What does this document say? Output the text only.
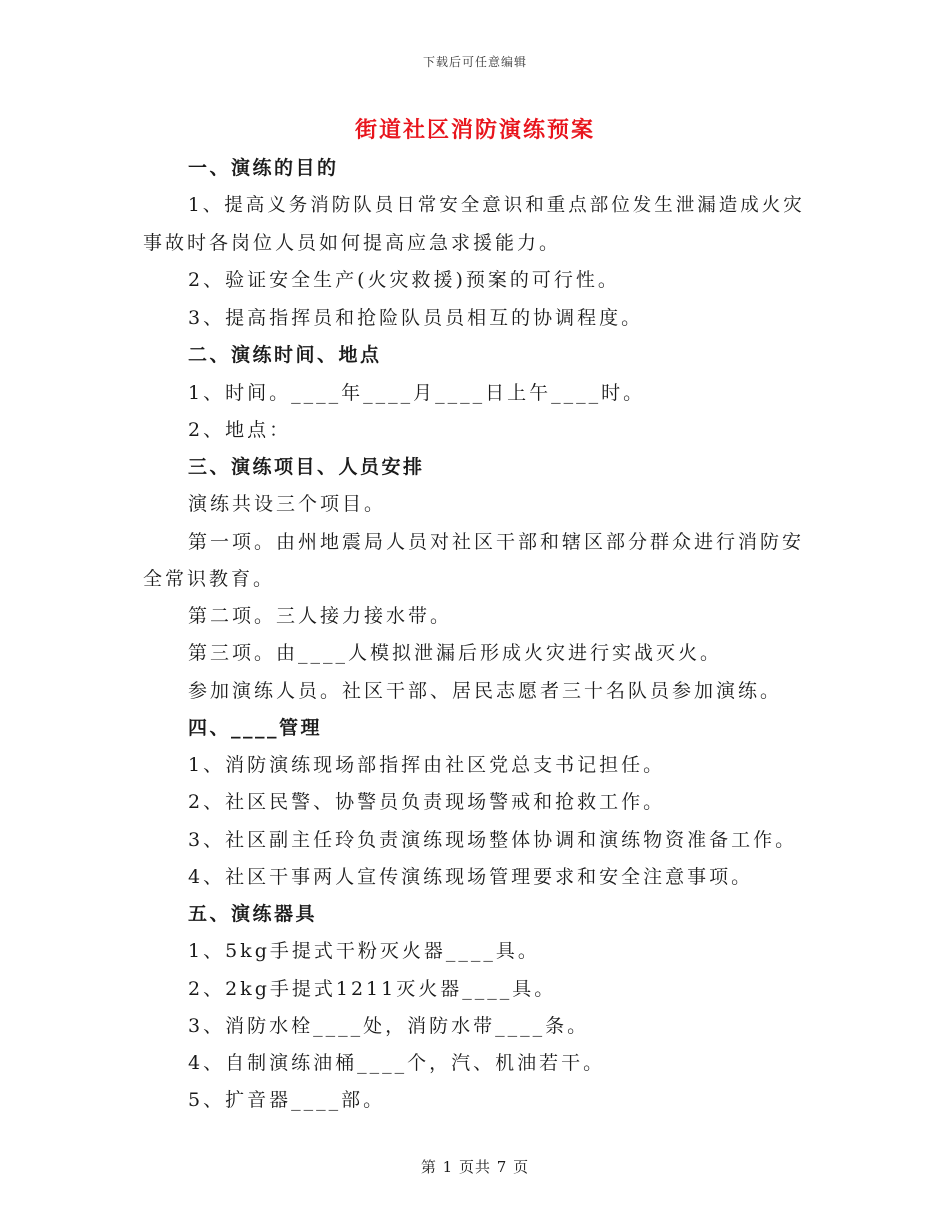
下载后可任意编辑
街道社区消防演练预案
一、演练的目的
1、提高义务消防队员日常安全意识和重点部位发生泄漏造成火灾
事故时各岗位人员如何提高应急求援能力。
2、验证安全生产(火灾救援)预案的可行性。
3、提高指挥员和抢险队员员相互的协调程度。
二、演练时间、地点
1、时间。____年____月____日上午____时。
2、地点：
三、演练项目、人员安排
演练共设三个项目。
第一项。由州地震局人员对社区干部和辖区部分群众进行消防安
全常识教育。
第二项。三人接力接水带。
第三项。由____人模拟泄漏后形成火灾进行实战灭火。
参加演练人员。社区干部、居民志愿者三十名队员参加演练。
四、____管理
1、消防演练现场部指挥由社区党总支书记担任。
2、社区民警、协警员负责现场警戒和抢救工作。
3、社区副主任玲负责演练现场整体协调和演练物资准备工作。
4、社区干事两人宣传演练现场管理要求和安全注意事项。
五、演练器具
1、5kg手提式干粉灭火器____具。
2、2kg手提式1211灭火器____具。
3、消防水栓____处，消防水带____条。
4、自制演练油桶____个，汽、机油若干。
5、扩音器____部。
第 1 页共 7 页
